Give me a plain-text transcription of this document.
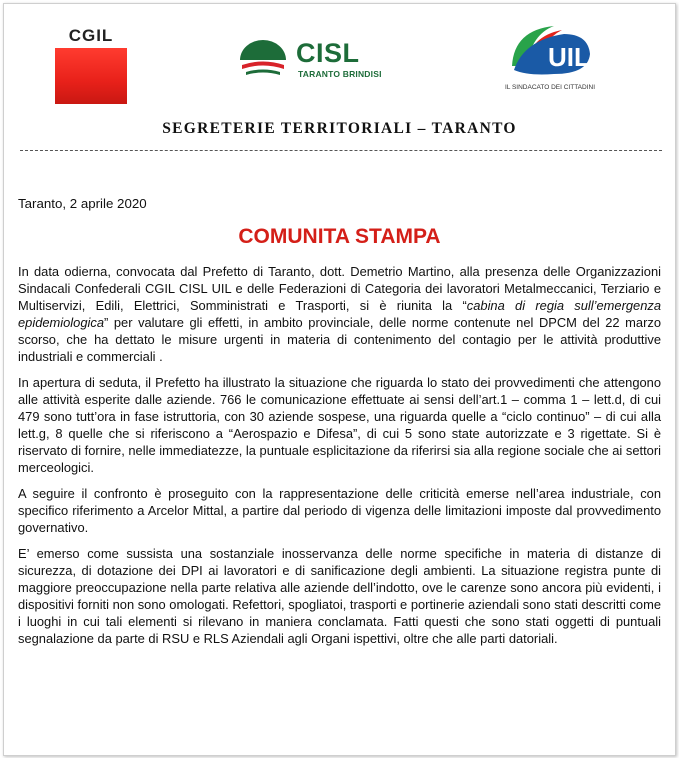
CGIL
CISL
TARANTO BRINDISI
UIL
IL SINDACATO DEI CITTADINI
SEGRETERIE TERRITORIALI – TARANTO
Taranto, 2 aprile 2020
COMUNITA STAMPA

In data odierna, convocata dal Prefetto di Taranto, dott. Demetrio Martino, alla presenza delle Organizzazioni Sindacali Confederali CGIL CISL UIL e delle Federazioni di Categoria dei lavoratori Metalmeccanici, Terziario e Multiservizi, Edili, Elettrici, Somministrati e Trasporti, si è riunita la “cabina di regia sull’emergenza epidemiologica” per valutare gli effetti, in ambito provinciale, delle norme contenute nel DPCM del 22 marzo scorso, che ha dettato le misure urgenti in materia di contenimento del contagio per le attività produttive industriali e commerciali .

In apertura di seduta, il Prefetto ha illustrato la situazione che riguarda lo stato dei provvedimenti che attengono alle attività esperite dalle aziende. 766 le comunicazione effettuate ai sensi dell’art.1 – comma 1 – lett.d, di cui 479 sono tutt’ora in fase istruttoria, con 30 aziende sospese, una riguarda quelle a “ciclo continuo” – di cui alla lett.g, 8 quelle che si riferiscono a “Aerospazio e Difesa”, di cui 5 sono state autorizzate e 3 rigettate. Si è riservato di fornire, nelle immediatezze, la puntuale esplicitazione da riferirsi sia alla regione sociale che ai settori merceologici.

A seguire il confronto è proseguito con la rappresentazione delle criticità emerse nell’area industriale, con specifico riferimento a Arcelor Mittal, a partire dal periodo di vigenza delle limitazioni imposte dal provvedimento governativo.

E’ emerso come sussista una sostanziale inosservanza delle norme specifiche in materia di distanze di sicurezza, di dotazione dei DPI ai lavoratori e di sanificazione degli ambienti. La situazione registra punte di maggiore preoccupazione nella parte relativa alle aziende dell’indotto, ove le carenze sono ancora più evidenti, i dispositivi forniti non sono omologati. Refettori, spogliatoi, trasporti e portinerie aziendali sono stati descritti come i luoghi in cui tali elementi si rilevano in maniera conclamata. Fatti questi che sono stati oggetti di puntuali segnalazione da parte di RSU e RLS Aziendali agli Organi ispettivi, oltre che alle parti datoriali.
